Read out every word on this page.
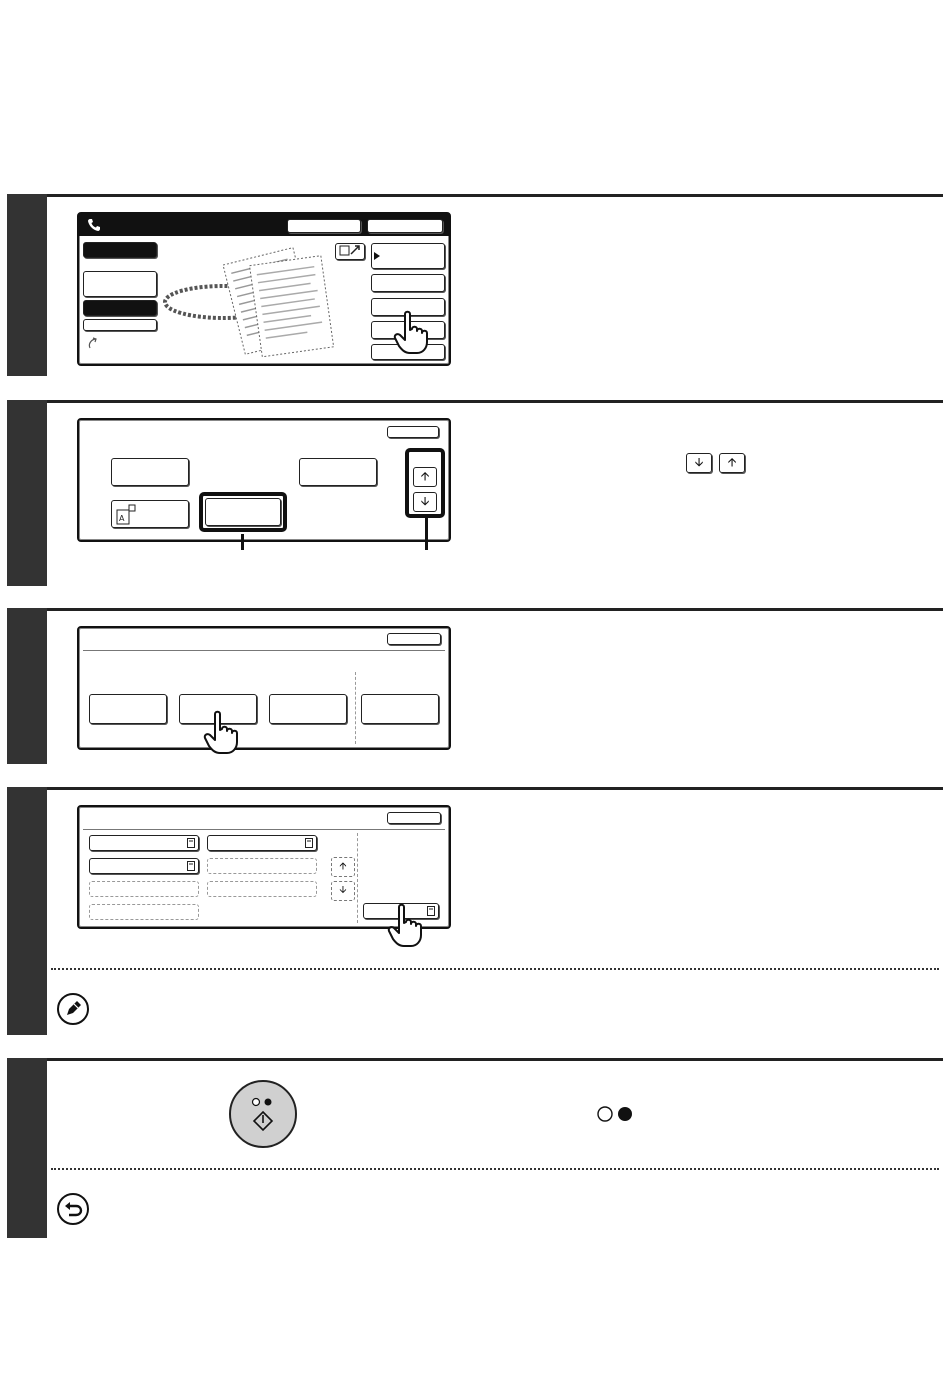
A
🡩
🡫
🡫	🡩
🡩
🡫
